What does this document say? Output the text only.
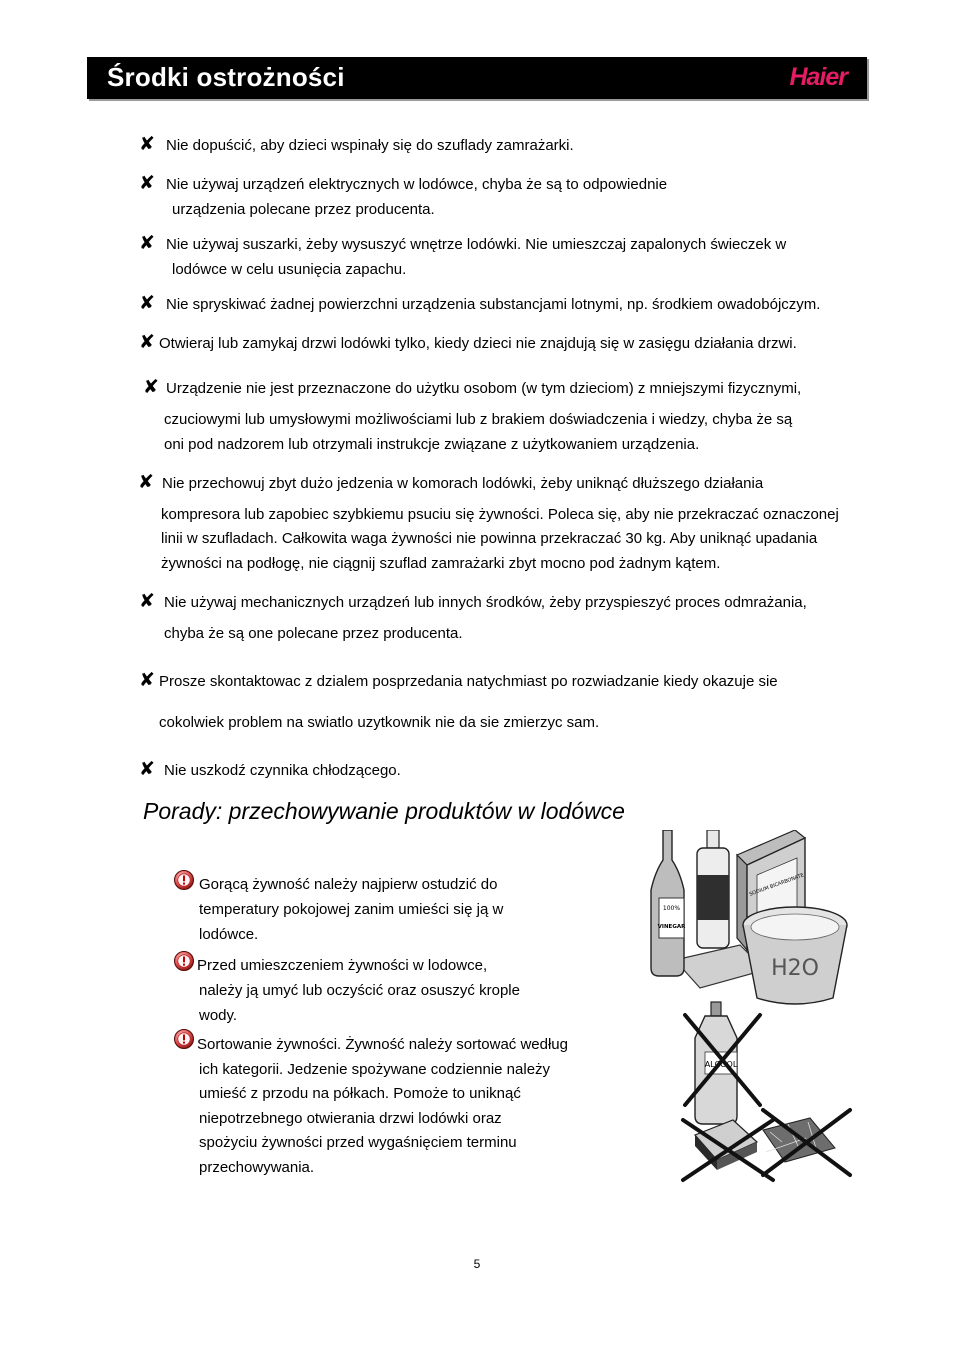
Środki ostrożności	Haier
✘ Nie dopuścić, aby dzieci wspinały się do szuflady zamrażarki.
✘ Nie używaj urządzeń elektrycznych w lodówce, chyba że są to odpowiednie
urządzenia polecane przez producenta.
✘ Nie używaj suszarki, żeby wysuszyć wnętrze lodówki. Nie umieszczaj zapalonych świeczek w
lodówce w celu usunięcia zapachu.
✘ Nie spryskiwać żadnej powierzchni urządzenia substancjami lotnymi, np. środkiem owadobójczym.
✘ Otwieraj lub zamykaj drzwi lodówki tylko, kiedy dzieci nie znajdują się w zasięgu działania drzwi.
✘ Urządzenie nie jest przeznaczone do użytku osobom (w tym dzieciom) z mniejszymi fizycznymi,
czuciowymi lub umysłowymi możliwościami lub z brakiem doświadczenia i wiedzy, chyba że są
oni pod nadzorem lub otrzymali instrukcje związane z użytkowaniem urządzenia.
✘ Nie przechowuj zbyt dużo jedzenia w komorach lodówki, żeby uniknąć dłuższego działania
kompresora lub zapobiec szybkiemu psuciu się żywności. Poleca się, aby nie przekraczać oznaczonej
linii w szufladach. Całkowita waga żywności nie powinna przekraczać 30 kg. Aby uniknąć upadania
żywności na podłogę, nie ciągnij szuflad zamrażarki zbyt mocno pod żadnym kątem.
✘ Nie używaj mechanicznych urządzeń lub innych środków, żeby przyspieszyć proces odmrażania,
chyba że są one polecane przez producenta.
✘ Prosze skontaktowac z dzialem posprzedania natychmiast po rozwiadzanie kiedy okazuje sie
cokolwiek problem na swiatlo uzytkownik nie da sie zmierzyc sam.
✘ Nie uszkodź czynnika chłodzącego.
Porady: przechowywanie produktów w lodówce
Gorącą żywność należy najpierw ostudzić do
temperatury pokojowej zanim umieści się ją w
lodówce.
Przed umieszczeniem żywności w lodowce,
należy ją umyć lub oczyścić oraz osuszyć krople
wody.
Sortowanie żywności. Żywność należy sortować według
ich kategorii. Jedzenie spożywane codziennie należy
umieść z przodu na półkach. Pomoże to uniknąć
niepotrzebnego otwierania drzwi lodówki oraz
spożyciu żywności przed wygaśnięciem terminu
przechowywania.
100%
VINEGAR
SODIUM BICARBONATE
H2O
ALCOOL
5
